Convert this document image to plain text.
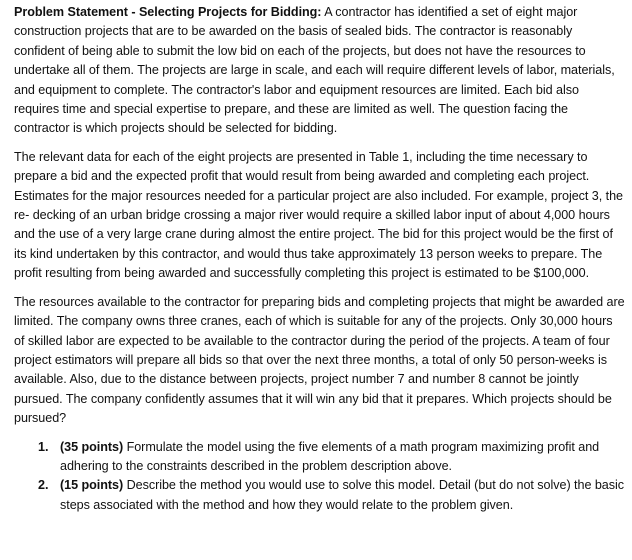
Problem Statement - Selecting Projects for Bidding: A contractor has identified a set of eight major construction projects that are to be awarded on the basis of sealed bids. The contractor is reasonably confident of being able to submit the low bid on each of the projects, but does not have the resources to undertake all of them. The projects are large in scale, and each will require different levels of labor, materials, and equipment to complete. The contractor's labor and equipment resources are limited. Each bid also requires time and special expertise to prepare, and these are limited as well. The question facing the contractor is which projects should be selected for bidding.

The relevant data for each of the eight projects are presented in Table 1, including the time necessary to prepare a bid and the expected profit that would result from being awarded and completing each project. Estimates for the major resources needed for a particular project are also included. For example, project 3, the re- decking of an urban bridge crossing a major river would require a skilled labor input of about 4,000 hours and the use of a very large crane during almost the entire project. The bid for this project would be the first of its kind undertaken by this contractor, and would thus take approximately 13 person weeks to prepare. The profit resulting from being awarded and successfully completing this project is estimated to be $100,000.

The resources available to the contractor for preparing bids and completing projects that might be awarded are limited. The company owns three cranes, each of which is suitable for any of the projects. Only 30,000 hours of skilled labor are expected to be available to the contractor during the period of the projects. A team of four project estimators will prepare all bids so that over the next three months, a total of only 50 person-weeks is available. Also, due to the distance between projects, project number 7 and number 8 cannot be jointly pursued. The company confidently assumes that it will win any bid that it prepares. Which projects should be pursued?

1. (35 points) Formulate the model using the five elements of a math program maximizing profit and adhering to the constraints described in the problem description above.
2. (15 points) Describe the method you would use to solve this model. Detail (but do not solve) the basic steps associated with the method and how they would relate to the problem given.
